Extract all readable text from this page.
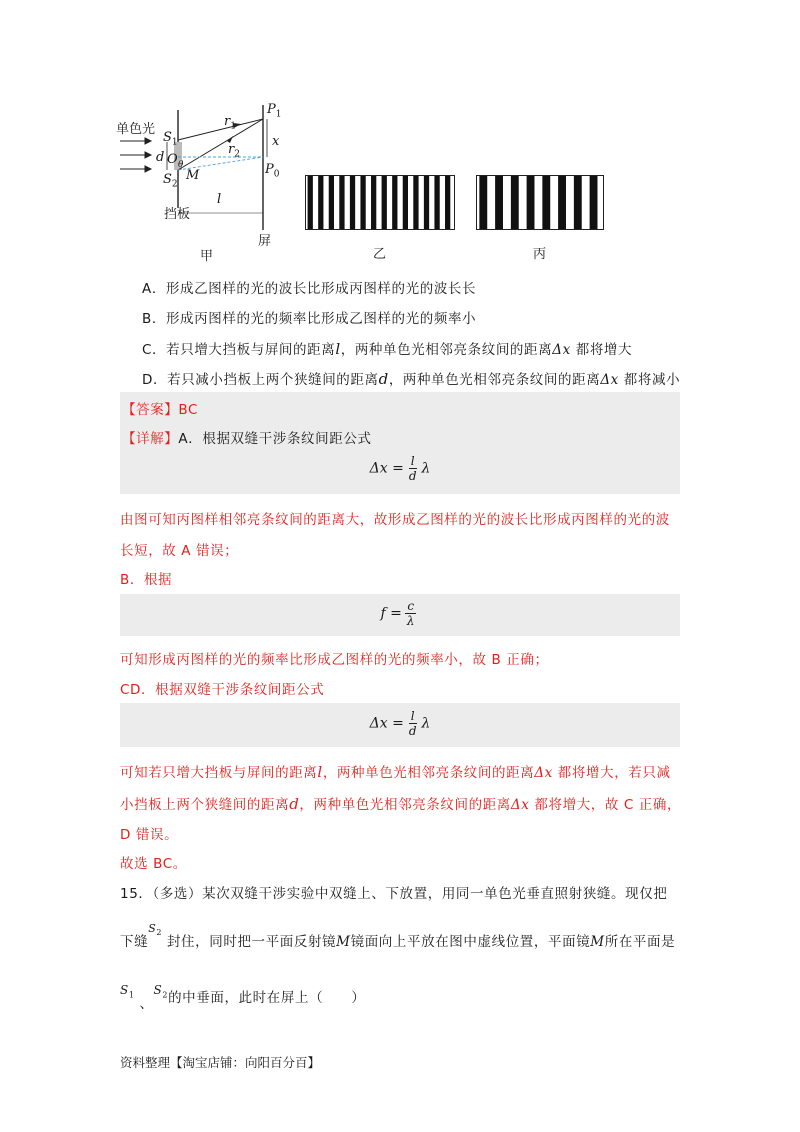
单色光
$S_1$
d O θ
$S_2$
M
$r_1$
$r_2$
$P_1$
x
$P_0$
挡板
l
屏
甲	乙	丙
A．形成乙图样的光的波长比形成丙图样的光的波长长
B．形成丙图样的光的频率比形成乙图样的光的频率小
C．若只增大挡板与屏间的距离l，两种单色光相邻亮条纹间的距离Δx 都将增大
D．若只减小挡板上两个狭缝间的距离d，两种单色光相邻亮条纹间的距离Δx 都将减小
【答案】BC
【详解】A．根据双缝干涉条纹间距公式
$\Delta x = \frac{l}{d}$ λ
由图可知丙图样相邻亮条纹间的距离大，故形成乙图样的光的波长比形成丙图样的光的波
长短，故 A 错误；
B．根据
$f = \frac{c}{\lambda}$
可知形成丙图样的光的频率比形成乙图样的光的频率小，故 B 正确；
CD．根据双缝干涉条纹间距公式
$\Delta x = \frac{l}{d}$ λ
可知若只增大挡板与屏间的距离l，两种单色光相邻亮条纹间的距离Δx 都将增大，若只减
小挡板上两个狭缝间的距离d，两种单色光相邻亮条纹间的距离Δx 都将增大，故 C 正确，
D 错误。
故选 BC。
15．（多选）某次双缝干涉实验中双缝上、下放置，用同一单色光垂直照射狭缝。现仅把
下缝$^{S_2}$ 封住，同时把一平面反射镜M镜面向上平放在图中虚线位置，平面镜M所在平面是
$S_1$ 、$S_2$的中垂面，此时在屏上（　　）
资料整理【淘宝店铺：向阳百分百】
